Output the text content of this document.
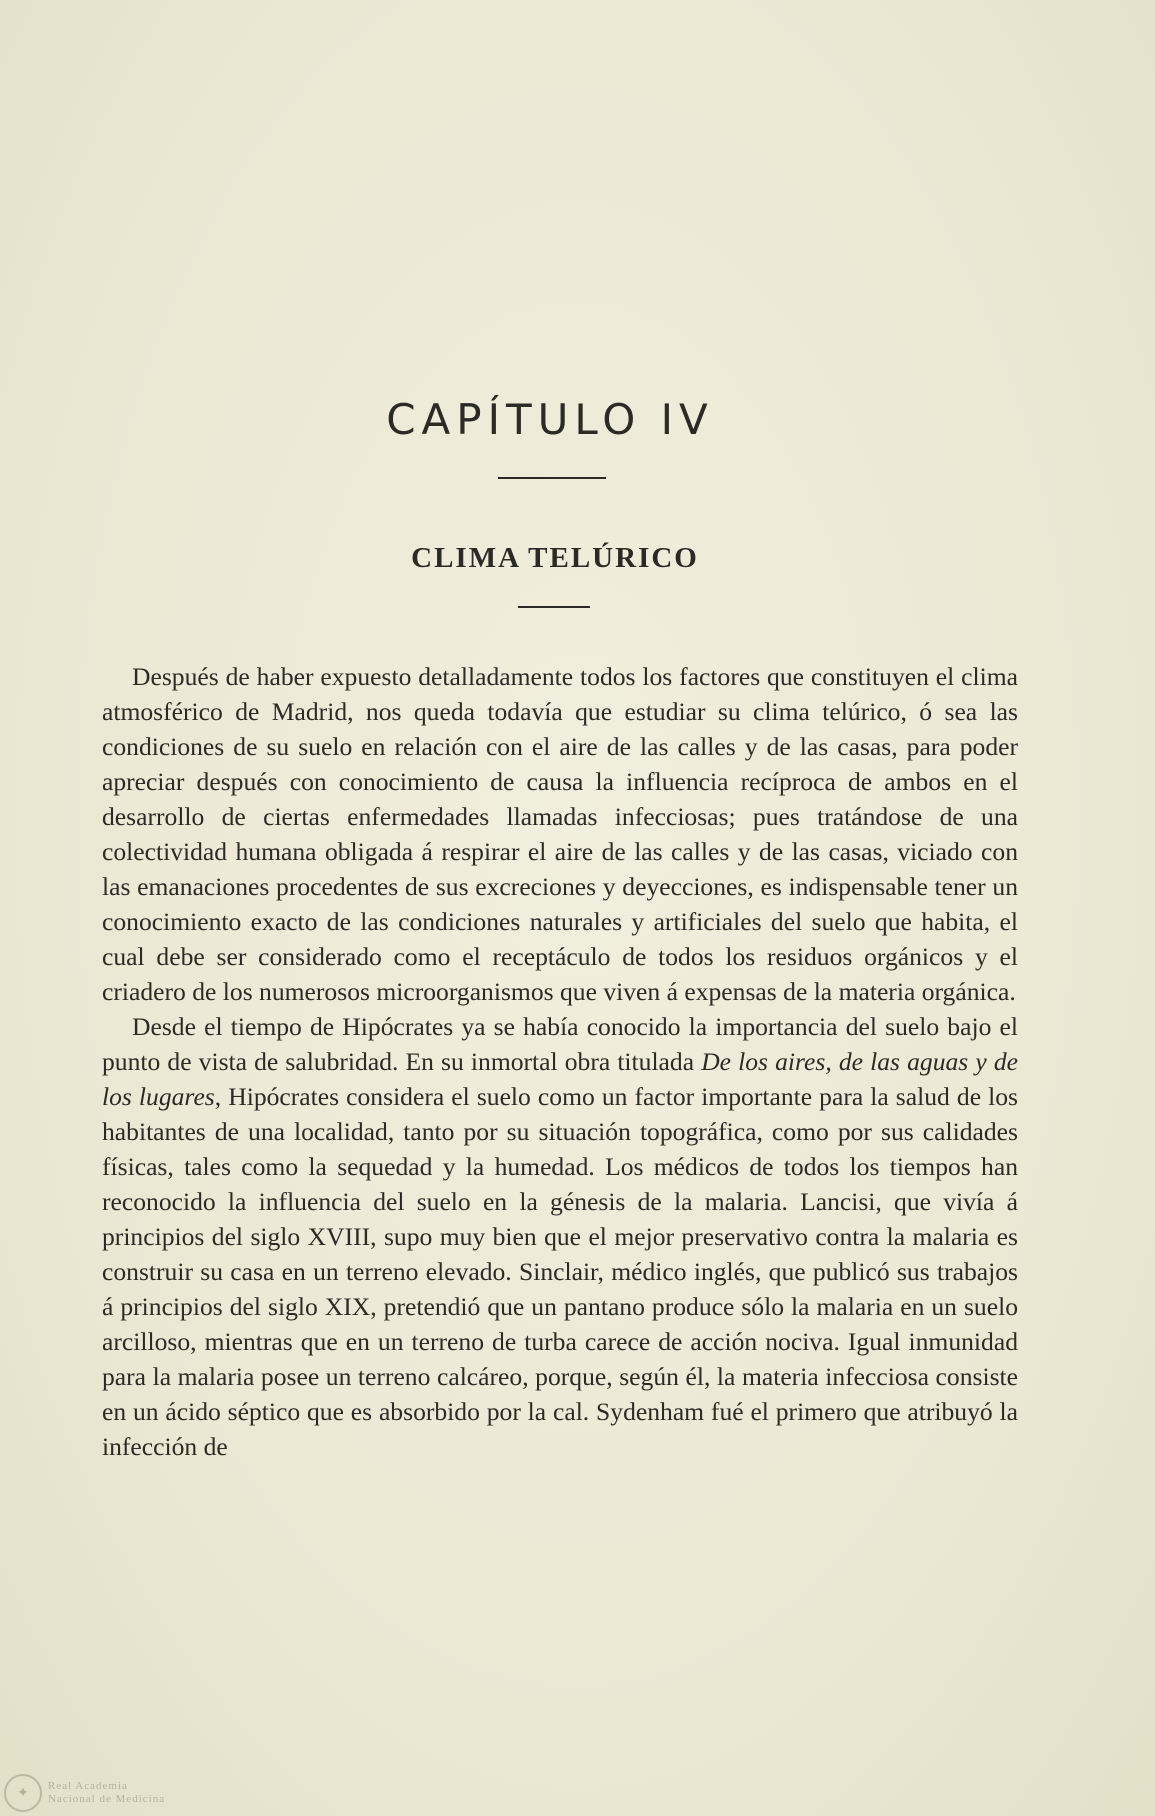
CAPÍTULO IV
CLIMA TELÚRICO

Después de haber expuesto detalladamente todos los factores que constituyen el clima atmosférico de Madrid, nos queda todavía que estudiar su clima telúrico, ó sea las condiciones de su suelo en relación con el aire de las calles y de las casas, para poder apreciar después con conocimiento de causa la influencia recíproca de ambos en el desarrollo de ciertas enfermedades llamadas infecciosas; pues tratándose de una colectividad humana obligada á respirar el aire de las calles y de las casas, viciado con las emanaciones procedentes de sus excreciones y deyecciones, es indispensable tener un conocimiento exacto de las condiciones naturales y artificiales del suelo que habita, el cual debe ser considerado como el receptáculo de todos los residuos orgánicos y el criadero de los numerosos microorganismos que viven á expensas de la materia orgánica.

Desde el tiempo de Hipócrates ya se había conocido la importancia del suelo bajo el punto de vista de salubridad. En su inmortal obra titulada De los aires, de las aguas y de los lugares, Hipócrates considera el suelo como un factor importante para la salud de los habitantes de una localidad, tanto por su situación topográfica, como por sus calidades físicas, tales como la sequedad y la humedad. Los médicos de todos los tiempos han reconocido la influencia del suelo en la génesis de la malaria. Lancisi, que vivía á principios del siglo XVIII, supo muy bien que el mejor preservativo contra la malaria es construir su casa en un terreno elevado. Sinclair, médico inglés, que publicó sus trabajos á principios del siglo XIX, pretendió que un pantano produce sólo la malaria en un suelo arcilloso, mientras que en un terreno de turba carece de acción nociva. Igual inmunidad para la malaria posee un terreno calcáreo, porque, según él, la materia infecciosa consiste en un ácido séptico que es absorbido por la cal. Sydenham fué el primero que atribuyó la infección de

✦	Real Academia
Nacional de Medicina
